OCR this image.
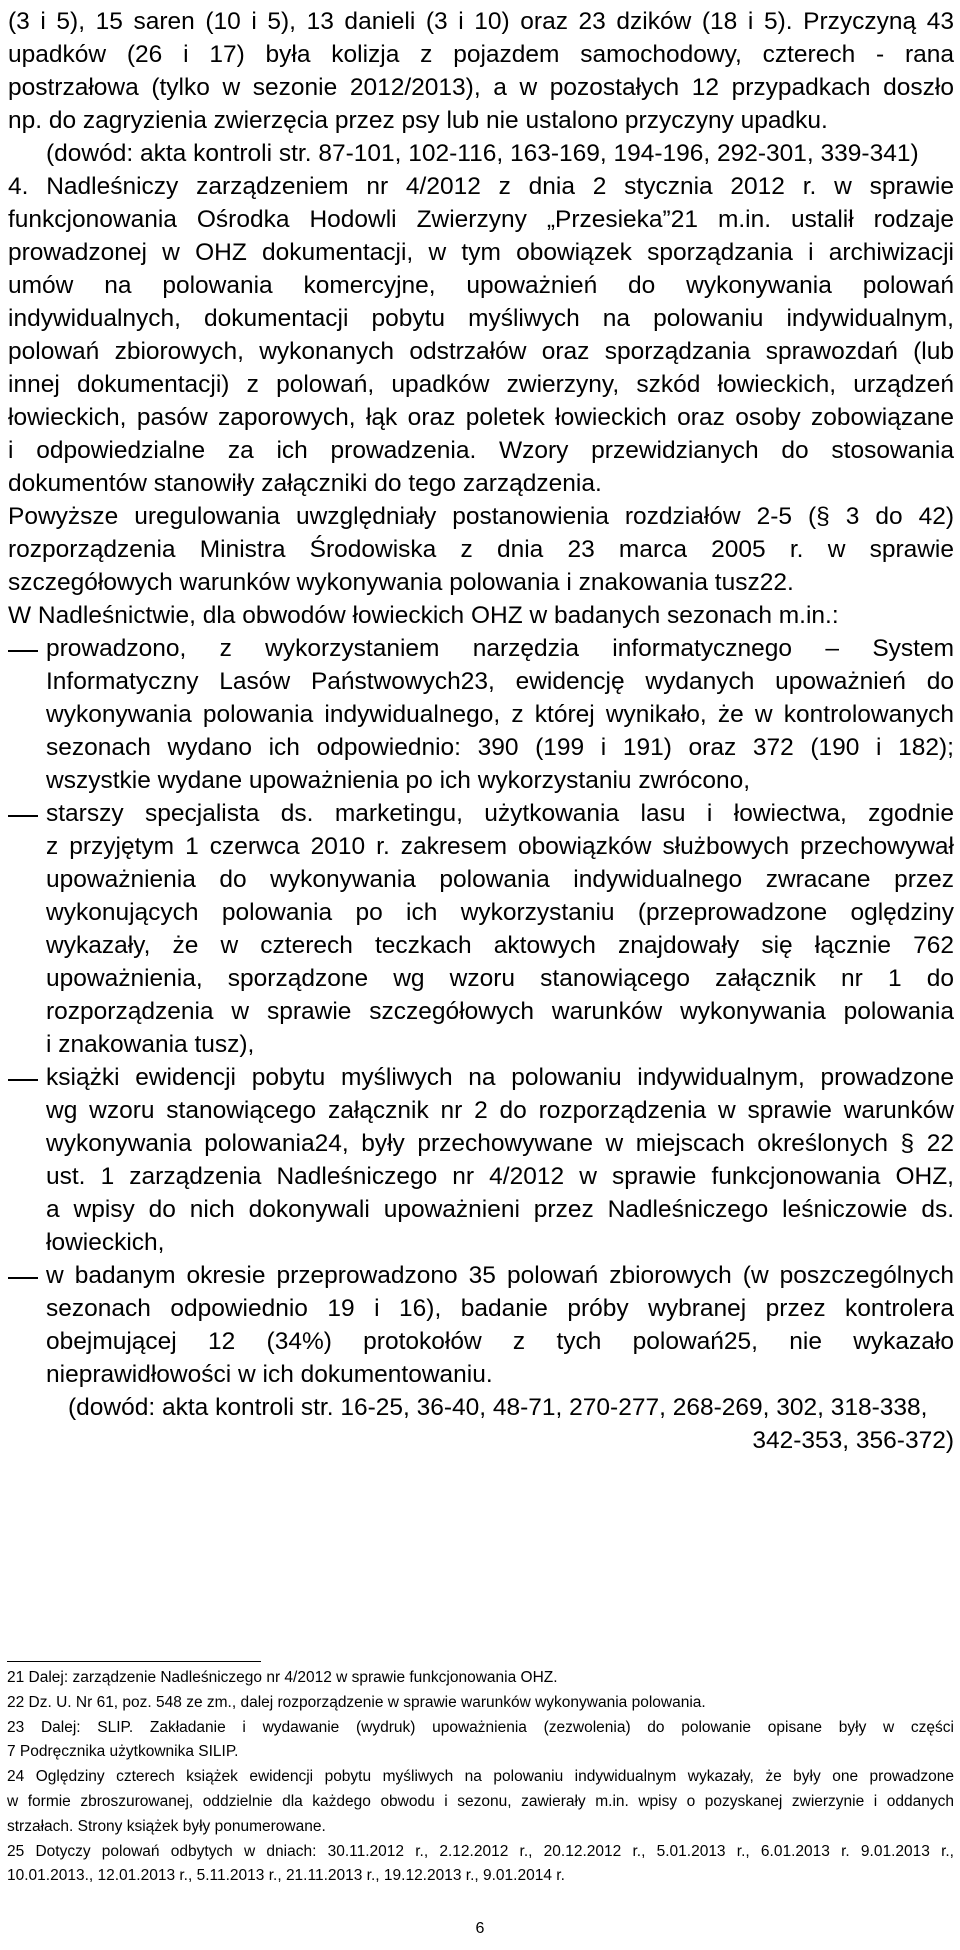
(3 i 5), 15 saren (10 i 5), 13 danieli (3 i 10) oraz 23 dzików (18 i 5). Przyczyną 43
upadków (26 i 17) była kolizja z pojazdem samochodowy, czterech - rana
postrzałowa (tylko w sezonie 2012/2013), a w pozostałych 12 przypadkach doszło
np. do zagryzienia zwierzęcia przez psy lub nie ustalono przyczyny upadku.
(dowód: akta kontroli str. 87-101, 102-116, 163-169, 194-196, 292-301, 339-341)
4. Nadleśniczy zarządzeniem nr 4/2012 z dnia 2 stycznia 2012 r. w sprawie
funkcjonowania Ośrodka Hodowli Zwierzyny „Przesieka”21 m.in. ustalił rodzaje
prowadzonej w OHZ dokumentacji, w tym obowiązek sporządzania i archiwizacji
umów na polowania komercyjne, upoważnień do wykonywania polowań
indywidualnych, dokumentacji pobytu myśliwych na polowaniu indywidualnym,
polowań zbiorowych, wykonanych odstrzałów oraz sporządzania sprawozdań (lub
innej dokumentacji) z polowań, upadków zwierzyny, szkód łowieckich, urządzeń
łowieckich, pasów zaporowych, łąk oraz poletek łowieckich oraz osoby zobowiązane
i odpowiedzialne za ich prowadzenia. Wzory przewidzianych do stosowania
dokumentów stanowiły załączniki do tego zarządzenia.
Powyższe uregulowania uwzględniały postanowienia rozdziałów 2-5 (§ 3 do 42)
rozporządzenia Ministra Środowiska z dnia 23 marca 2005 r. w sprawie
szczegółowych warunków wykonywania polowania i znakowania tusz22.
W Nadleśnictwie, dla obwodów łowieckich OHZ w badanych sezonach m.in.:
prowadzono, z wykorzystaniem narzędzia informatycznego – System
Informatyczny Lasów Państwowych23, ewidencję wydanych upoważnień do
wykonywania polowania indywidualnego, z której wynikało, że w kontrolowanych
sezonach wydano ich odpowiednio: 390 (199 i 191) oraz 372 (190 i 182);
wszystkie wydane upoważnienia po ich wykorzystaniu zwrócono,
starszy specjalista ds. marketingu, użytkowania lasu i łowiectwa, zgodnie
z przyjętym 1 czerwca 2010 r. zakresem obowiązków służbowych przechowywał
upoważnienia do wykonywania polowania indywidualnego zwracane przez
wykonujących polowania po ich wykorzystaniu (przeprowadzone oględziny
wykazały, że w czterech teczkach aktowych znajdowały się łącznie 762
upoważnienia, sporządzone wg wzoru stanowiącego załącznik nr 1 do
rozporządzenia w sprawie szczegółowych warunków wykonywania polowania
i znakowania tusz),
książki ewidencji pobytu myśliwych na polowaniu indywidualnym, prowadzone
wg wzoru stanowiącego załącznik nr 2 do rozporządzenia w sprawie warunków
wykonywania polowania24, były przechowywane w miejscach określonych § 22
ust. 1 zarządzenia Nadleśniczego nr 4/2012 w sprawie funkcjonowania OHZ,
a wpisy do nich dokonywali upoważnieni przez Nadleśniczego leśniczowie ds.
łowieckich,
w badanym okresie przeprowadzono 35 polowań zbiorowych (w poszczególnych
sezonach odpowiednio 19 i 16), badanie próby wybranej przez kontrolera
obejmującej 12 (34%) protokołów z tych polowań25, nie wykazało
nieprawidłowości w ich dokumentowaniu.
(dowód: akta kontroli str. 16-25, 36-40, 48-71, 270-277, 268-269, 302, 318-338,
342-353, 356-372)
21 Dalej: zarządzenie Nadleśniczego nr 4/2012 w sprawie funkcjonowania OHZ.
22 Dz. U. Nr 61, poz. 548 ze zm., dalej rozporządzenie w sprawie warunków wykonywania polowania.
23 Dalej: SLIP. Zakładanie i wydawanie (wydruk) upoważnienia (zezwolenia) do polowanie opisane były w części
7 Podręcznika użytkownika SILIP.
24 Oględziny czterech książek ewidencji pobytu myśliwych na polowaniu indywidualnym wykazały, że były one prowadzone
w formie zbroszurowanej, oddzielnie dla każdego obwodu i sezonu, zawierały m.in. wpisy o pozyskanej zwierzynie i oddanych
strzałach. Strony książek były ponumerowane.
25 Dotyczy polowań odbytych w dniach: 30.11.2012 r., 2.12.2012 r., 20.12.2012 r., 5.01.2013 r., 6.01.2013 r. 9.01.2013 r.,
10.01.2013., 12.01.2013 r., 5.11.2013 r., 21.11.2013 r., 19.12.2013 r., 9.01.2014 r.
6
